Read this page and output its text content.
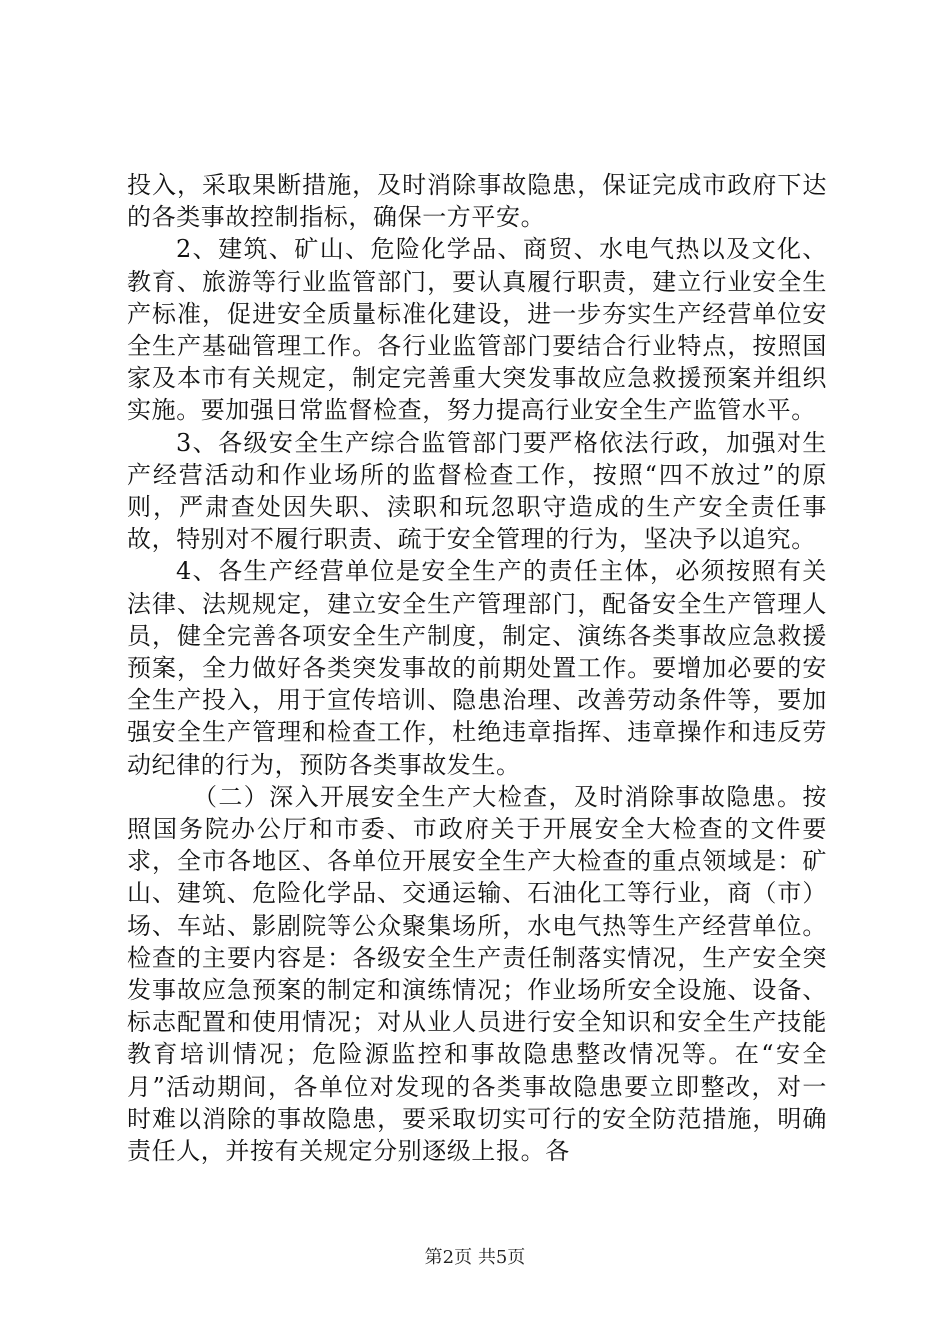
投入，采取果断措施，及时消除事故隐患，保证完成市政府下达的各类事故控制指标，确保一方平安。

2、建筑、矿山、危险化学品、商贸、水电气热以及文化、教育、旅游等行业监管部门，要认真履行职责，建立行业安全生产标准，促进安全质量标准化建设，进一步夯实生产经营单位安全生产基础管理工作。各行业监管部门要结合行业特点，按照国家及本市有关规定，制定完善重大突发事故应急救援预案并组织实施。要加强日常监督检查，努力提高行业安全生产监管水平。

3、各级安全生产综合监管部门要严格依法行政，加强对生产经营活动和作业场所的监督检查工作，按照“四不放过”的原则，严肃查处因失职、渎职和玩忽职守造成的生产安全责任事故，特别对不履行职责、疏于安全管理的行为，坚决予以追究。

4、各生产经营单位是安全生产的责任主体，必须按照有关法律、法规规定，建立安全生产管理部门，配备安全生产管理人员，健全完善各项安全生产制度，制定、演练各类事故应急救援预案，全力做好各类突发事故的前期处置工作。要增加必要的安全生产投入，用于宣传培训、隐患治理、改善劳动条件等，要加强安全生产管理和检查工作，杜绝违章指挥、违章操作和违反劳动纪律的行为，预防各类事故发生。

（二）深入开展安全生产大检查，及时消除事故隐患。按照国务院办公厅和市委、市政府关于开展安全大检查的文件要求，全市各地区、各单位开展安全生产大检查的重点领域是：矿山、建筑、危险化学品、交通运输、石油化工等行业，商（市）场、车站、影剧院等公众聚集场所，水电气热等生产经营单位。检查的主要内容是：各级安全生产责任制落实情况，生产安全突发事故应急预案的制定和演练情况；作业场所安全设施、设备、标志配置和使用情况；对从业人员进行安全知识和安全生产技能教育培训情况；危险源监控和事故隐患整改情况等。在“安全月”活动期间，各单位对发现的各类事故隐患要立即整改，对一时难以消除的事故隐患，要采取切实可行的安全防范措施，明确责任人，并按有关规定分别逐级上报。各

第2页 共5页
